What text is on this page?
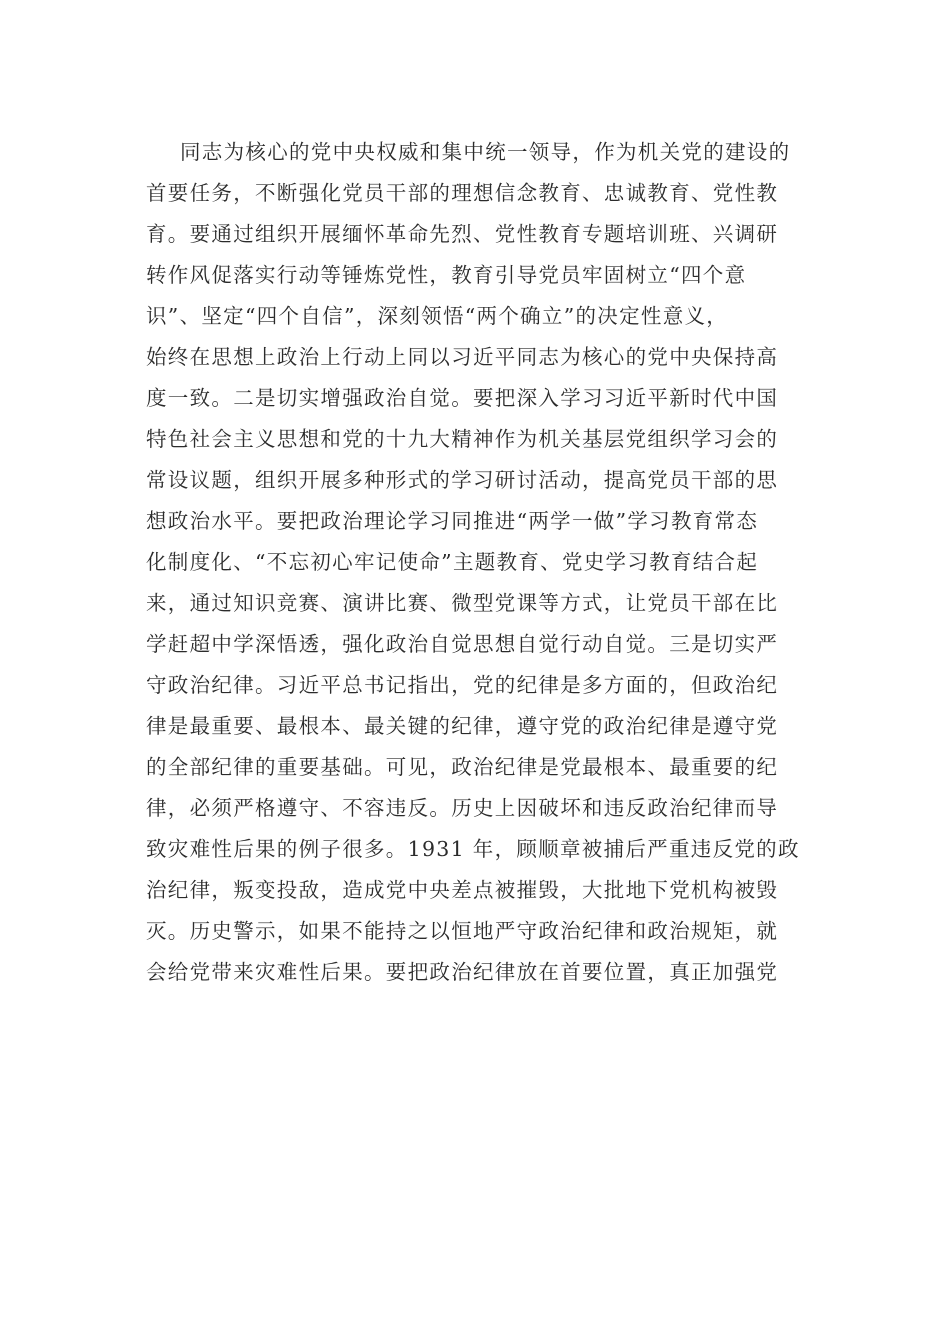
同志为核心的党中央权威和集中统一领导，作为机关党的建设的
首要任务，不断强化党员干部的理想信念教育、忠诚教育、党性教
育。要通过组织开展缅怀革命先烈、党性教育专题培训班、兴调研
转作风促落实行动等锤炼党性，教育引导党员牢固树立“四个意
识”、坚定“四个自信”，深刻领悟“两个确立”的决定性意义，
始终在思想上政治上行动上同以习近平同志为核心的党中央保持高
度一致。二是切实增强政治自觉。要把深入学习习近平新时代中国
特色社会主义思想和党的十九大精神作为机关基层党组织学习会的
常设议题，组织开展多种形式的学习研讨活动，提高党员干部的思
想政治水平。要把政治理论学习同推进“两学一做”学习教育常态
化制度化、“不忘初心牢记使命”主题教育、党史学习教育结合起
来，通过知识竞赛、演讲比赛、微型党课等方式，让党员干部在比
学赶超中学深悟透，强化政治自觉思想自觉行动自觉。三是切实严
守政治纪律。习近平总书记指出，党的纪律是多方面的，但政治纪
律是最重要、最根本、最关键的纪律，遵守党的政治纪律是遵守党
的全部纪律的重要基础。可见，政治纪律是党最根本、最重要的纪
律，必须严格遵守、不容违反。历史上因破坏和违反政治纪律而导
致灾难性后果的例子很多。1931 年，顾顺章被捕后严重违反党的政
治纪律，叛变投敌，造成党中央差点被摧毁，大批地下党机构被毁
灭。历史警示，如果不能持之以恒地严守政治纪律和政治规矩，就
会给党带来灾难性后果。要把政治纪律放在首要位置，真正加强党
